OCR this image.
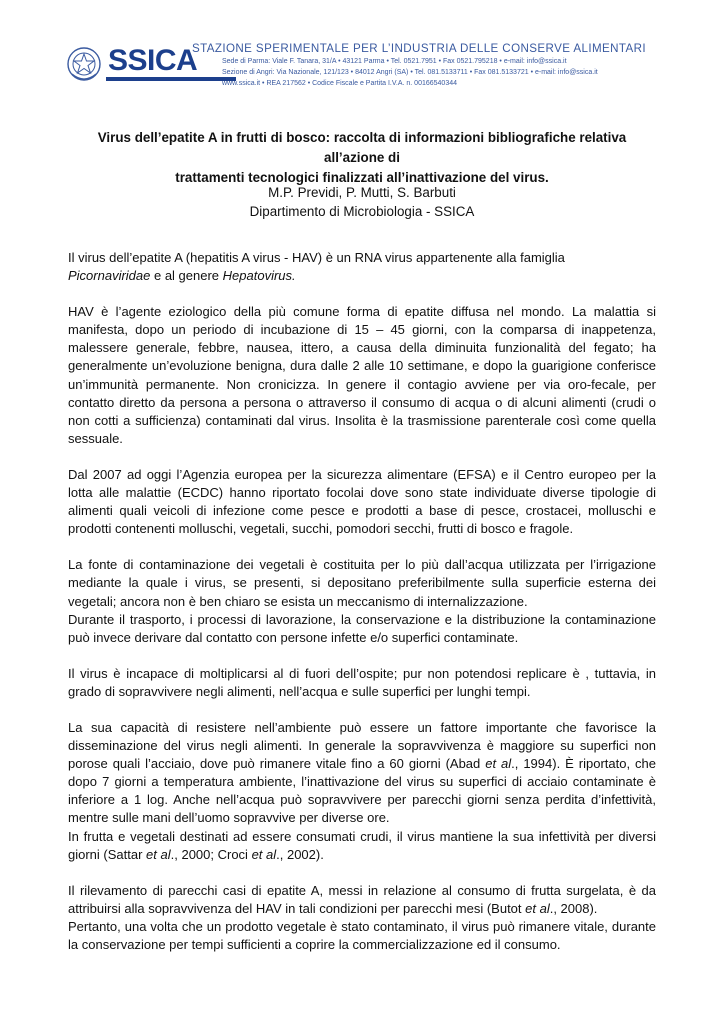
SSICA
STAZIONE SPERIMENTALE PER L’INDUSTRIA DELLE CONSERVE ALIMENTARI
Sede di Parma: Viale F. Tanara, 31/A • 43121 Parma • Tel. 0521.7951 • Fax 0521.795218 • e-mail: info@ssica.it
Sezione di Angri: Via Nazionale, 121/123 • 84012 Angri (SA) • Tel. 081.5133711 • Fax 081.5133721 • e-mail: info@ssica.it
www.ssica.it • REA 217562 • Codice Fiscale e Partita I.V.A. n. 00166540344
Virus dell’epatite A in frutti di bosco: raccolta di informazioni bibliografiche relativa all’azione di
trattamenti tecnologici finalizzati all’inattivazione del virus.
M.P. Previdi, P. Mutti, S. Barbuti
Dipartimento di Microbiologia - SSICA

Il virus dell’epatite A (hepatitis A virus - HAV) è un RNA virus appartenente alla famiglia
Picornaviridae e al genere Hepatovirus.

HAV è l’agente eziologico della più comune forma di epatite diffusa nel mondo. La malattia si manifesta, dopo un periodo di incubazione di 15 – 45 giorni, con la comparsa di inappetenza, malessere generale, febbre, nausea, ittero, a causa della diminuita funzionalità del fegato; ha generalmente un’evoluzione benigna, dura dalle 2 alle 10 settimane, e dopo la guarigione conferisce un’immunità permanente. Non cronicizza. In genere il contagio avviene per via oro-fecale, per contatto diretto da persona a persona o attraverso il consumo di acqua o di alcuni alimenti (crudi o non cotti a sufficienza) contaminati dal virus. Insolita è la trasmissione parenterale così come quella sessuale.

Dal 2007 ad oggi l’Agenzia europea per la sicurezza alimentare (EFSA) e il Centro europeo per la lotta alle malattie (ECDC) hanno riportato focolai dove sono state individuate diverse tipologie di alimenti quali veicoli di infezione come pesce e prodotti a base di pesce, crostacei, molluschi e prodotti contenenti molluschi, vegetali, succhi, pomodori secchi, frutti di bosco e fragole.

La fonte di contaminazione dei vegetali è costituita per lo più dall’acqua utilizzata per l’irrigazione mediante la quale i virus, se presenti, si depositano preferibilmente sulla superficie esterna dei vegetali; ancora non è ben chiaro se esista un meccanismo di internalizzazione.

Durante il trasporto, i processi di lavorazione, la conservazione e la distribuzione la contaminazione può invece derivare dal contatto con persone infette e/o superfici contaminate.

Il virus è incapace di moltiplicarsi al di fuori dell’ospite; pur non potendosi replicare è , tuttavia, in grado di sopravvivere negli alimenti, nell’acqua e sulle superfici per lunghi tempi.

La sua capacità di resistere nell’ambiente può essere un fattore importante che favorisce la disseminazione del virus negli alimenti. In generale la sopravvivenza è maggiore su superfici non porose quali l’acciaio, dove può rimanere vitale fino a 60 giorni (Abad et al., 1994). È riportato, che dopo 7 giorni a temperatura ambiente, l’inattivazione del virus su superfici di acciaio contaminate è inferiore a 1 log. Anche nell’acqua può sopravvivere per parecchi giorni senza perdita d’infettività, mentre sulle mani dell’uomo sopravvive per diverse ore.

In frutta e vegetali destinati ad essere consumati crudi, il virus mantiene la sua infettività per diversi giorni (Sattar et al., 2000; Croci et al., 2002).

Il rilevamento di parecchi casi di epatite A, messi in relazione al consumo di frutta surgelata, è da attribuirsi alla sopravvivenza del HAV in tali condizioni per parecchi mesi (Butot et al., 2008).

Pertanto, una volta che un prodotto vegetale è stato contaminato, il virus può rimanere vitale, durante la conservazione per tempi sufficienti a coprire la commercializzazione ed il consumo.
